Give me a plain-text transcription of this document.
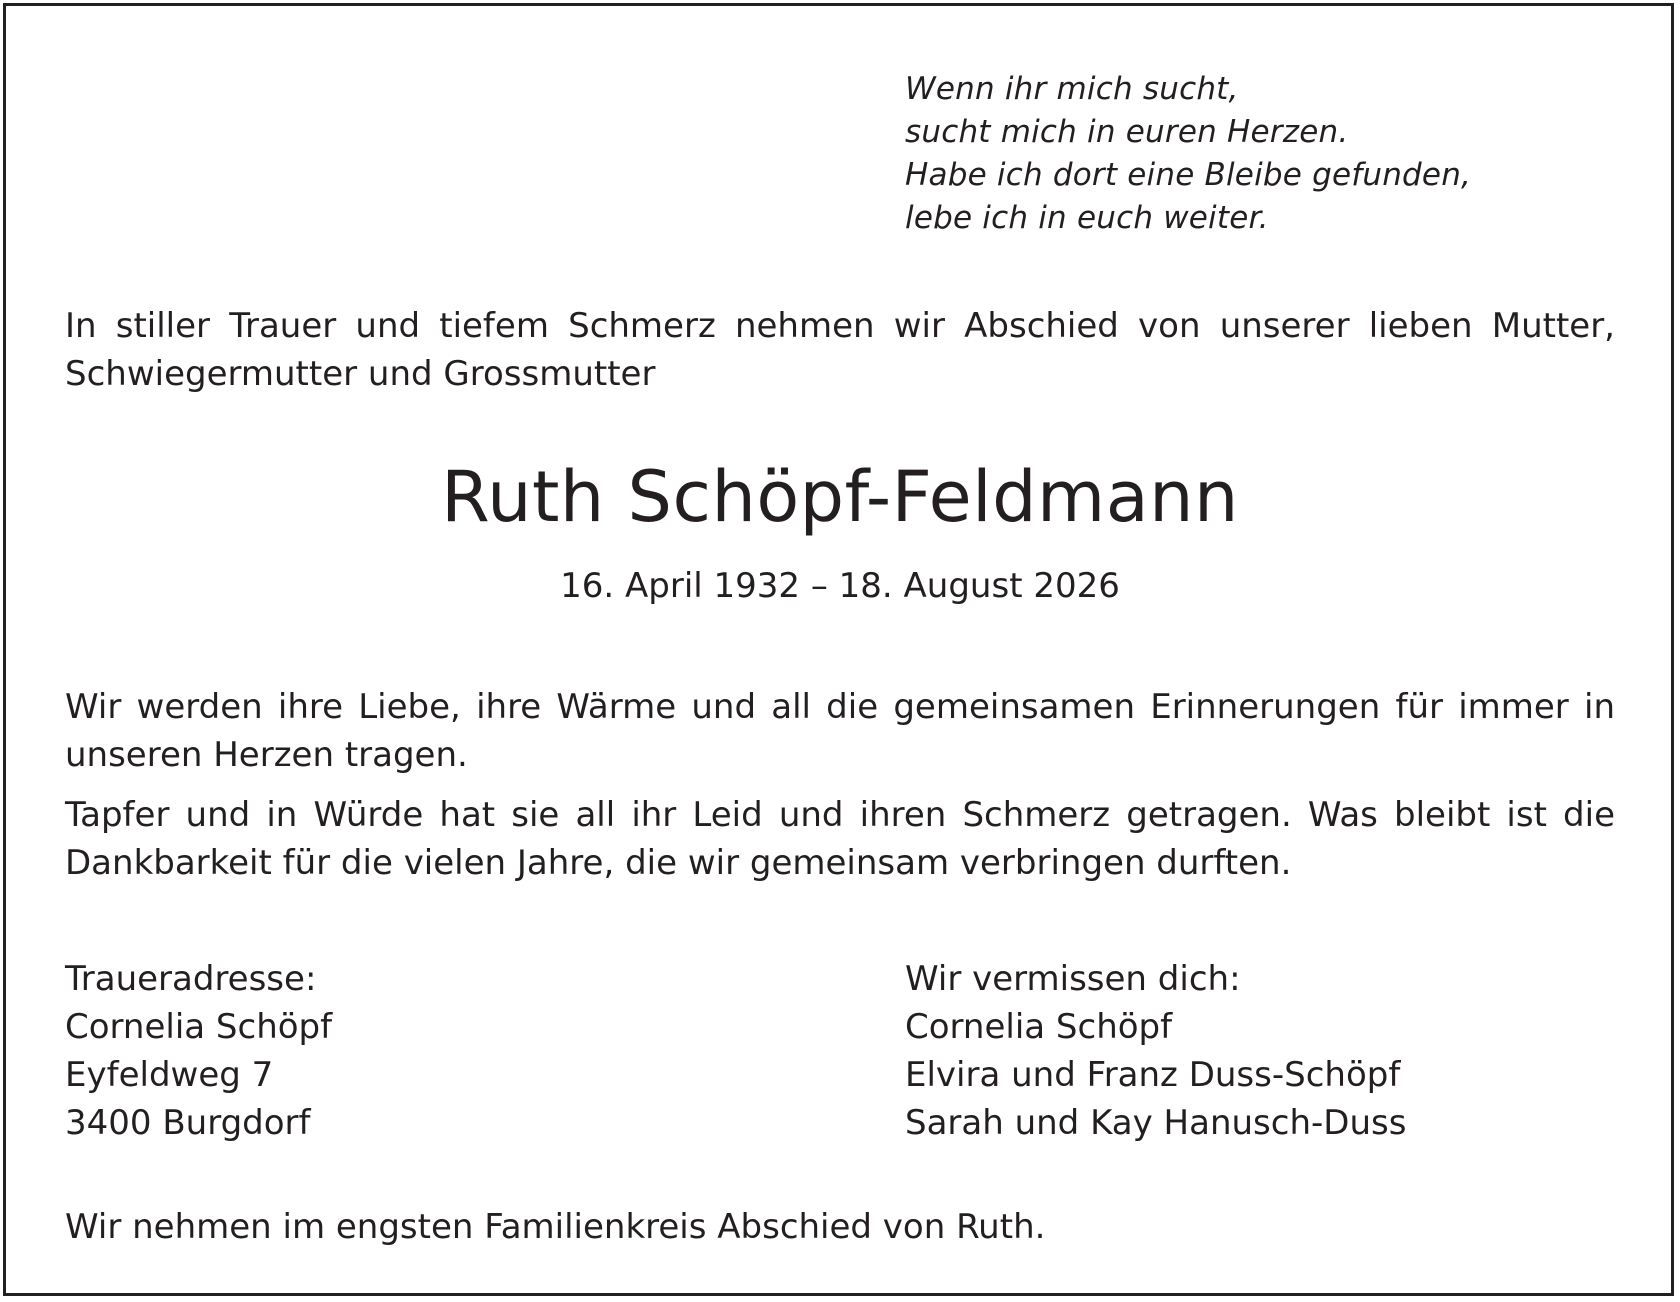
Wenn ihr mich sucht,
sucht mich in euren Herzen.
Habe ich dort eine Bleibe gefunden,
lebe ich in euch weiter.
In stiller Trauer und tiefem Schmerz nehmen wir Abschied von unserer lieben Mutter, Schwiegermutter und Grossmutter
Ruth Schöpf-Feldmann
16. April 1932 – 18. August 2026
Wir werden ihre Liebe, ihre Wärme und all die gemeinsamen Erinnerungen für immer in unseren Herzen tragen.
Tapfer und in Würde hat sie all ihr Leid und ihren Schmerz getragen. Was bleibt ist die Dankbarkeit für die vielen Jahre, die wir gemeinsam verbringen durften.
Traueradresse:
Cornelia Schöpf
Eyfeldweg 7
3400 Burgdorf
Wir vermissen dich:
Cornelia Schöpf
Elvira und Franz Duss-Schöpf
Sarah und Kay Hanusch-Duss
Wir nehmen im engsten Familienkreis Abschied von Ruth.
